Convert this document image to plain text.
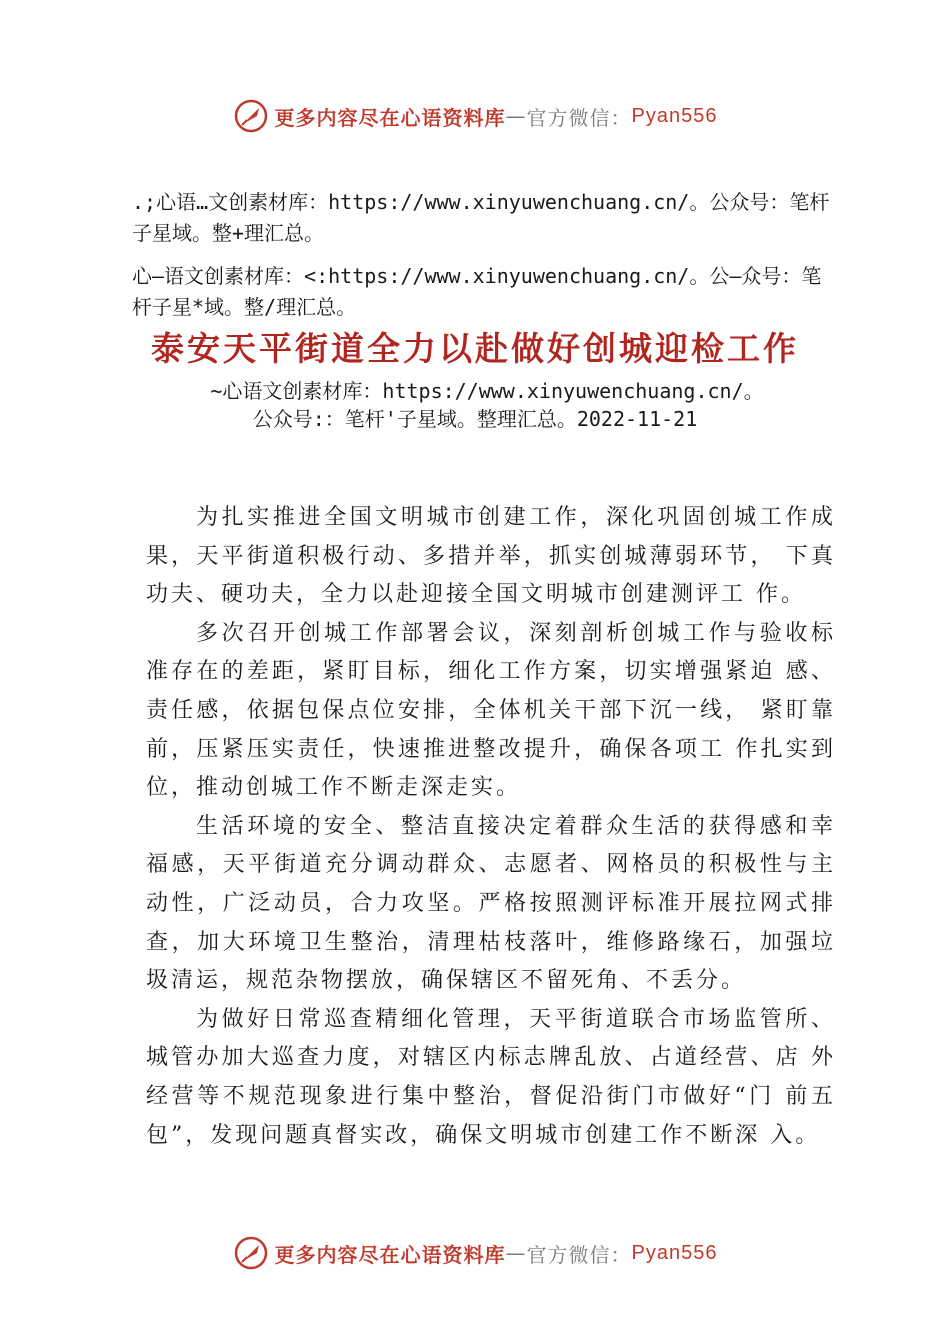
更多内容尽在心语资料库 — 官方微信： Pyan556
.;心语…文创素材库：https://www.xinyuwenchuang.cn/。公众号：笔杆子星域。整+理汇总。
心—语文创素材库：<:https://www.xinyuwenchuang.cn/。公—众号：笔杆子星*域。整/理汇总。
泰安天平街道全力以赴做好创城迎检工作
~心语文创素材库：https://www.xinyuwenchuang.cn/。
公众号:：笔杆'子星域。整理汇总。2022-11-21

为扎实推进全国文明城市创建工作，深化巩固创城工作成果，天平街道积极行动、多措并举，抓实创城薄弱环节， 下真功夫、硬功夫，全力以赴迎接全国文明城市创建测评工 作。

多次召开创城工作部署会议，深刻剖析创城工作与验收标准存在的差距，紧盯目标，细化工作方案，切实增强紧迫 感、责任感，依据包保点位安排，全体机关干部下沉一线， 紧盯靠前，压紧压实责任，快速推进整改提升，确保各项工 作扎实到位，推动创城工作不断走深走实。

生活环境的安全、整洁直接决定着群众生活的获得感和幸福感，天平街道充分调动群众、志愿者、网格员的积极性与主动性，广泛动员，合力攻坚。严格按照测评标准开展拉网式排查，加大环境卫生整治，清理枯枝落叶，维修路缘石，加强垃圾清运，规范杂物摆放，确保辖区不留死角、不丢分。

为做好日常巡查精细化管理，天平街道联合市场监管所、城管办加大巡查力度，对辖区内标志牌乱放、占道经营、店 外经营等不规范现象进行集中整治，督促沿街门市做好“门 前五包”，发现问题真督实改，确保文明城市创建工作不断深 入。

更多内容尽在心语资料库 — 官方微信： Pyan556
